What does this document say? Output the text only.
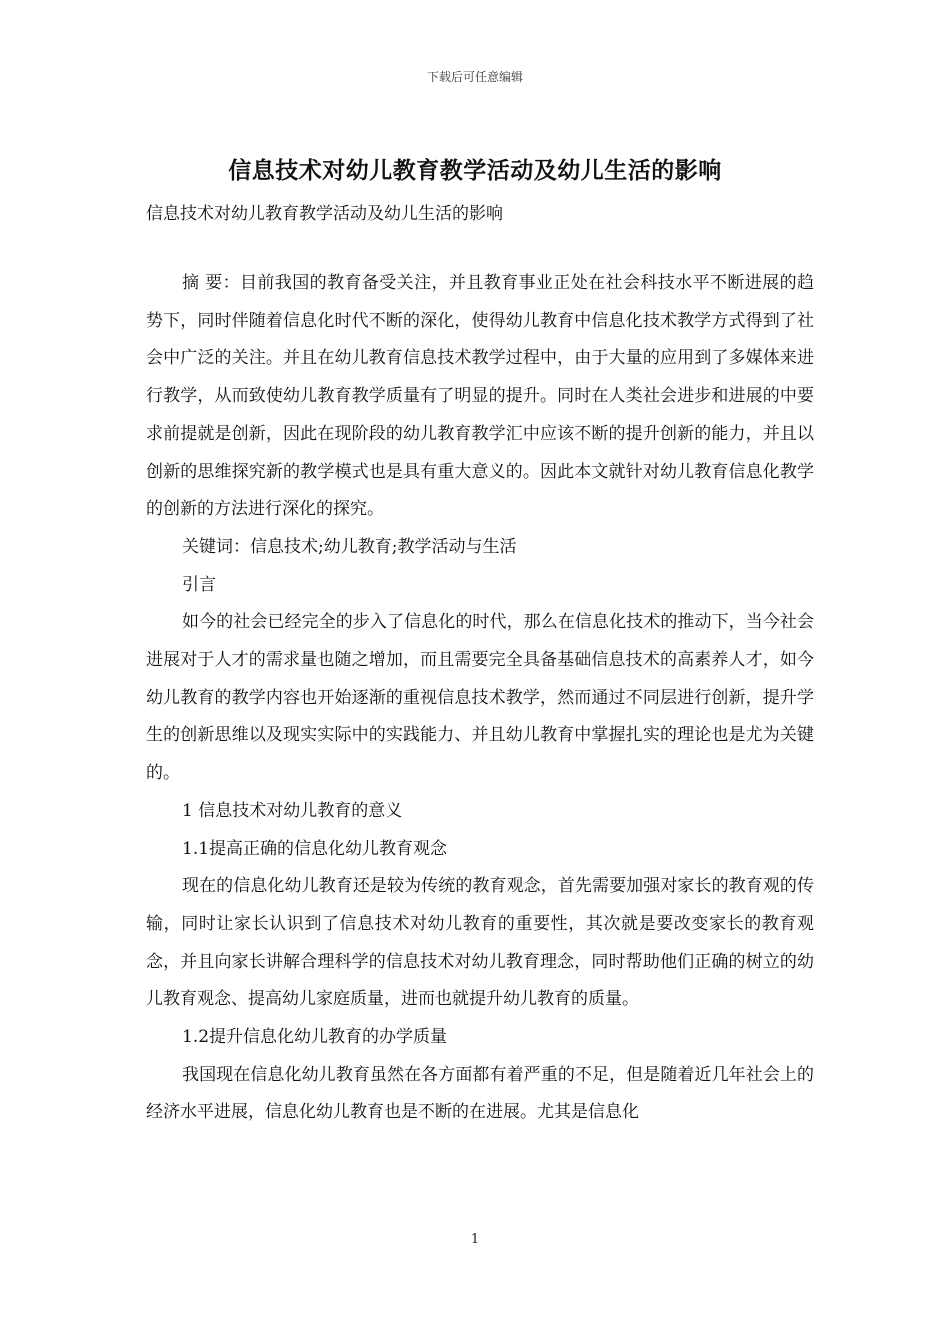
下载后可任意编辑
信息技术对幼儿教育教学活动及幼儿生活的影响
信息技术对幼儿教育教学活动及幼儿生活的影响

摘 要：目前我国的教育备受关注，并且教育事业正处在社会科技水平不断进展的趋势下，同时伴随着信息化时代不断的深化，使得幼儿教育中信息化技术教学方式得到了社会中广泛的关注。并且在幼儿教育信息技术教学过程中，由于大量的应用到了多媒体来进行教学，从而致使幼儿教育教学质量有了明显的提升。同时在人类社会进步和进展的中要求前提就是创新，因此在现阶段的幼儿教育教学汇中应该不断的提升创新的能力，并且以创新的思维探究新的教学模式也是具有重大意义的。因此本文就针对幼儿教育信息化教学的创新的方法进行深化的探究。

关键词：信息技术;幼儿教育;教学活动与生活

引言

如今的社会已经完全的步入了信息化的时代，那么在信息化技术的推动下，当今社会进展对于人才的需求量也随之增加，而且需要完全具备基础信息技术的高素养人才，如今幼儿教育的教学内容也开始逐渐的重视信息技术教学，然而通过不同层进行创新，提升学生的创新思维以及现实实际中的实践能力、并且幼儿教育中掌握扎实的理论也是尤为关键的。

1 信息技术对幼儿教育的意义

1.1提高正确的信息化幼儿教育观念

现在的信息化幼儿教育还是较为传统的教育观念，首先需要加强对家长的教育观的传输，同时让家长认识到了信息技术对幼儿教育的重要性，其次就是要改变家长的教育观念，并且向家长讲解合理科学的信息技术对幼儿教育理念，同时帮助他们正确的树立的幼儿教育观念、提高幼儿家庭质量，进而也就提升幼儿教育的质量。

1.2提升信息化幼儿教育的办学质量

我国现在信息化幼儿教育虽然在各方面都有着严重的不足，但是随着近几年社会上的经济水平进展，信息化幼儿教育也是不断的在进展。尤其是信息化

1
